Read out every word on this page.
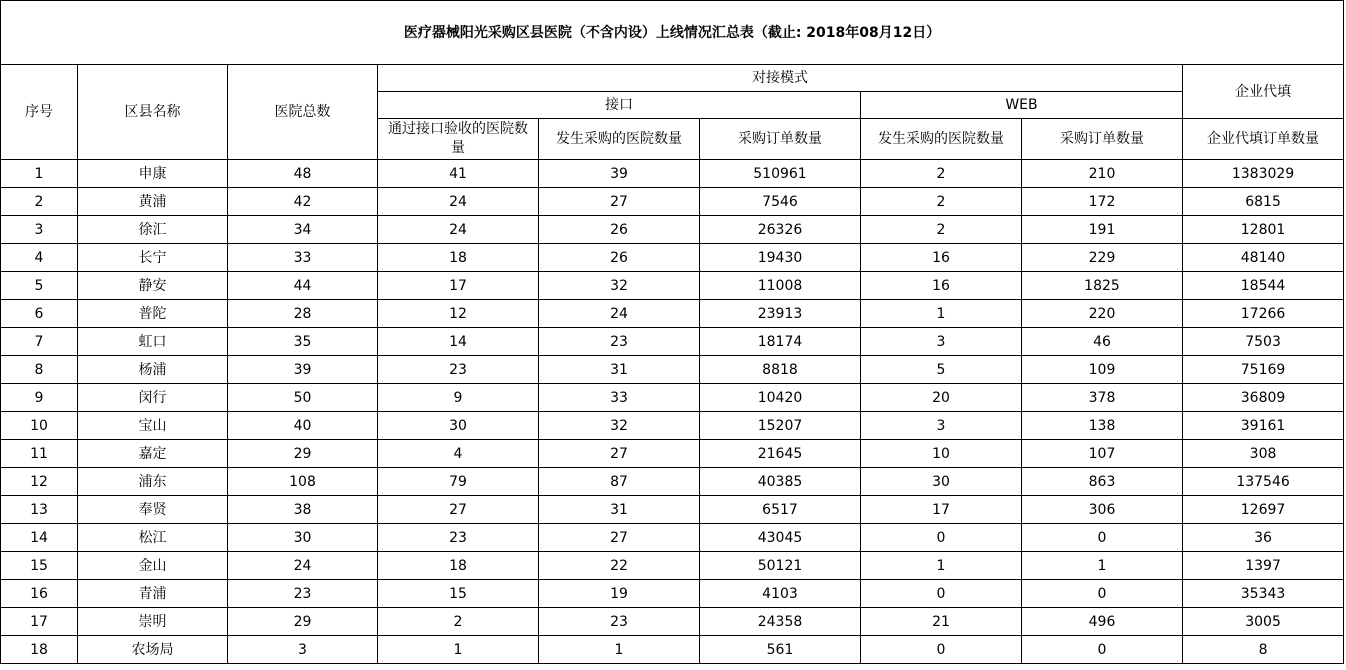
医疗器械阳光采购区县医院（不含内设）上线情况汇总表（截止: 2018年08月12日）								
序号	区县名称	医院总数	对接模式					企业代填
			接口			WEB		
			通过接口验收的医院数量	发生采购的医院数量	采购订单数量	发生采购的医院数量	采购订单数量	企业代填订单数量
1	申康	48	41	39	510961	2	210	1383029
2	黄浦	42	24	27	7546	2	172	6815
3	徐汇	34	24	26	26326	2	191	12801
4	长宁	33	18	26	19430	16	229	48140
5	静安	44	17	32	11008	16	1825	18544
6	普陀	28	12	24	23913	1	220	17266
7	虹口	35	14	23	18174	3	46	7503
8	杨浦	39	23	31	8818	5	109	75169
9	闵行	50	9	33	10420	20	378	36809
10	宝山	40	30	32	15207	3	138	39161
11	嘉定	29	4	27	21645	10	107	308
12	浦东	108	79	87	40385	30	863	137546
13	奉贤	38	27	31	6517	17	306	12697
14	松江	30	23	27	43045	0	0	36
15	金山	24	18	22	50121	1	1	1397
16	青浦	23	15	19	4103	0	0	35343
17	崇明	29	2	23	24358	21	496	3005
18	农场局	3	1	1	561	0	0	8
